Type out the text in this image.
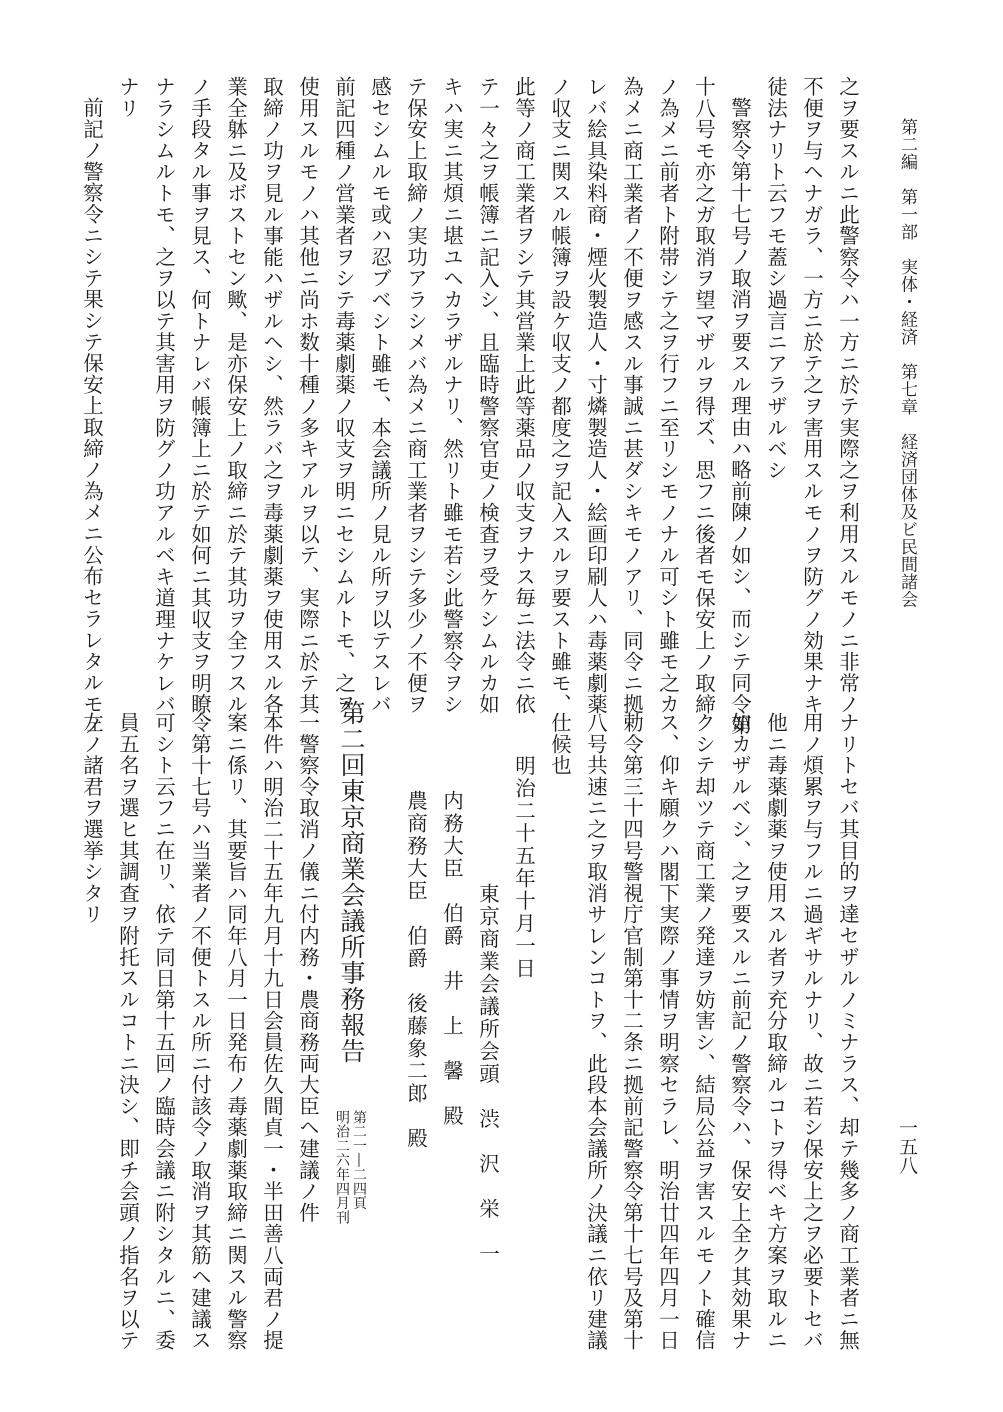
第二編　第一部　実体・経済　第七章　経済団体及ビ民間諸会
一五八
之ヲ要スルニ此警察令ハ一方ニ於テ実際之ヲ利用スルモノニ非常ノ
不便ヲ与ヘナガラ、一方ニ於テ之ヲ害用スルモノヲ防グノ効果ナキ
徒法ナリト云フモ蓋シ過言ニアラザルベシ
警察令第十七号ノ取消ヲ要スル理由ハ略前陳ノ如シ、而シテ同令第
十八号モ亦之ガ取消ヲ望マザルヲ得ズ、思フニ後者モ保安上ノ取締
ノ為メニ前者ト附帯シテ之ヲ行フニ至リシモノナル可シト雖モ之カ
為メニ商工業者ノ不便ヲ感スル事誠ニ甚ダシキモノアリ、同令ニ拠
レバ絵具染料商・煙火製造人・寸燐製造人・絵画印刷人ハ毒薬劇薬
ノ収支ニ関スル帳簿ヲ設ケ収支ノ都度之ヲ記入スルヲ要スト雖モ、
此等ノ商工業者ヲシテ其営業上此等薬品ノ収支ヲナス毎ニ法令ニ依
テ一々之ヲ帳簿ニ記入シ、且臨時警察官吏ノ検査ヲ受ケシムルカ如
キハ実ニ其煩ニ堪ユヘカラザルナリ、然リト雖モ若シ此警察令ヲシ
テ保安上取締ノ実功アラシメバ為メニ商工業者ヲシテ多少ノ不便ヲ
感セシムルモ或ハ忍ブベシト雖モ、本会議所ノ見ル所ヲ以テスレバ
前記四種ノ営業者ヲシテ毒薬劇薬ノ収支ヲ明ニセシムルトモ、之ヲ
使用スルモノハ其他ニ尚ホ数十種ノ多キアルヲ以テ、実際ニ於テ其
取締ノ功ヲ見ル事能ハザルヘシ、然ラバ之ヲ毒薬劇薬ヲ使用スル各
業全躰ニ及ボストセン歟、是亦保安上ノ取締ニ於テ其功ヲ全フスル
ノ手段タル事ヲ見ス、何トナレバ帳簿上ニ於テ如何ニ其収支ヲ明瞭
ナラシムルトモ、之ヲ以テ其害用ヲ防グノ功アルベキ道理ナケレバ
ナリ
前記ノ警察令ニシテ果シテ保安上取締ノ為メニ公布セラレタルモノ
ナリトセバ其目的ヲ達セザルノミナラス、却テ幾多ノ商工業者ニ無
用ノ煩累ヲ与フルニ過ギサルナリ、故ニ若シ保安上之ヲ必要トセバ
他ニ毒薬劇薬ヲ使用スル者ヲ充分取締ルコトヲ得ベキ方案ヲ取ルニ
如カザルベシ、之ヲ要スルニ前記ノ警察令ハ、保安上全ク其効果ナ
クシテ却ツテ商工業ノ発達ヲ妨害シ、結局公益ヲ害スルモノト確信
ス、仰キ願クハ閣下実際ノ事情ヲ明察セラレ、明治廿四年四月一日
勅令第三十四号警視庁官制第十二条ニ拠前記警察令第十七号及第十
八号共速ニ之ヲ取消サレンコトヲ、此段本会議所ノ決議ニ依リ建議
仕候也
明治二十五年十月一日
東京商業会議所会頭　渋　沢　栄　一
内務大臣　伯爵　井　上　馨　殿
農商務大臣　伯爵　後藤象二郎　殿
第二回東京商業会議所事務報告
第二一―二四頁
明治二六年四月刊
一警察令取消ノ儀ニ付内務・農商務両大臣ヘ建議ノ件
本件ハ明治二十五年九月十九日会員佐久間貞一・半田善八両君ノ提
案ニ係リ、其要旨ハ同年八月一日発布ノ毒薬劇薬取締ニ関スル警察
令第十七号ハ当業者ノ不便トスル所ニ付該令ノ取消ヲ其筋ヘ建議ス
可シト云フニ在リ、依テ同日第十五回ノ臨時会議ニ附シタルニ、委
員五名ヲ選ヒ其調査ヲ附托スルコトニ決シ、即チ会頭ノ指名ヲ以テ
左ノ諸君ヲ選挙シタリ
